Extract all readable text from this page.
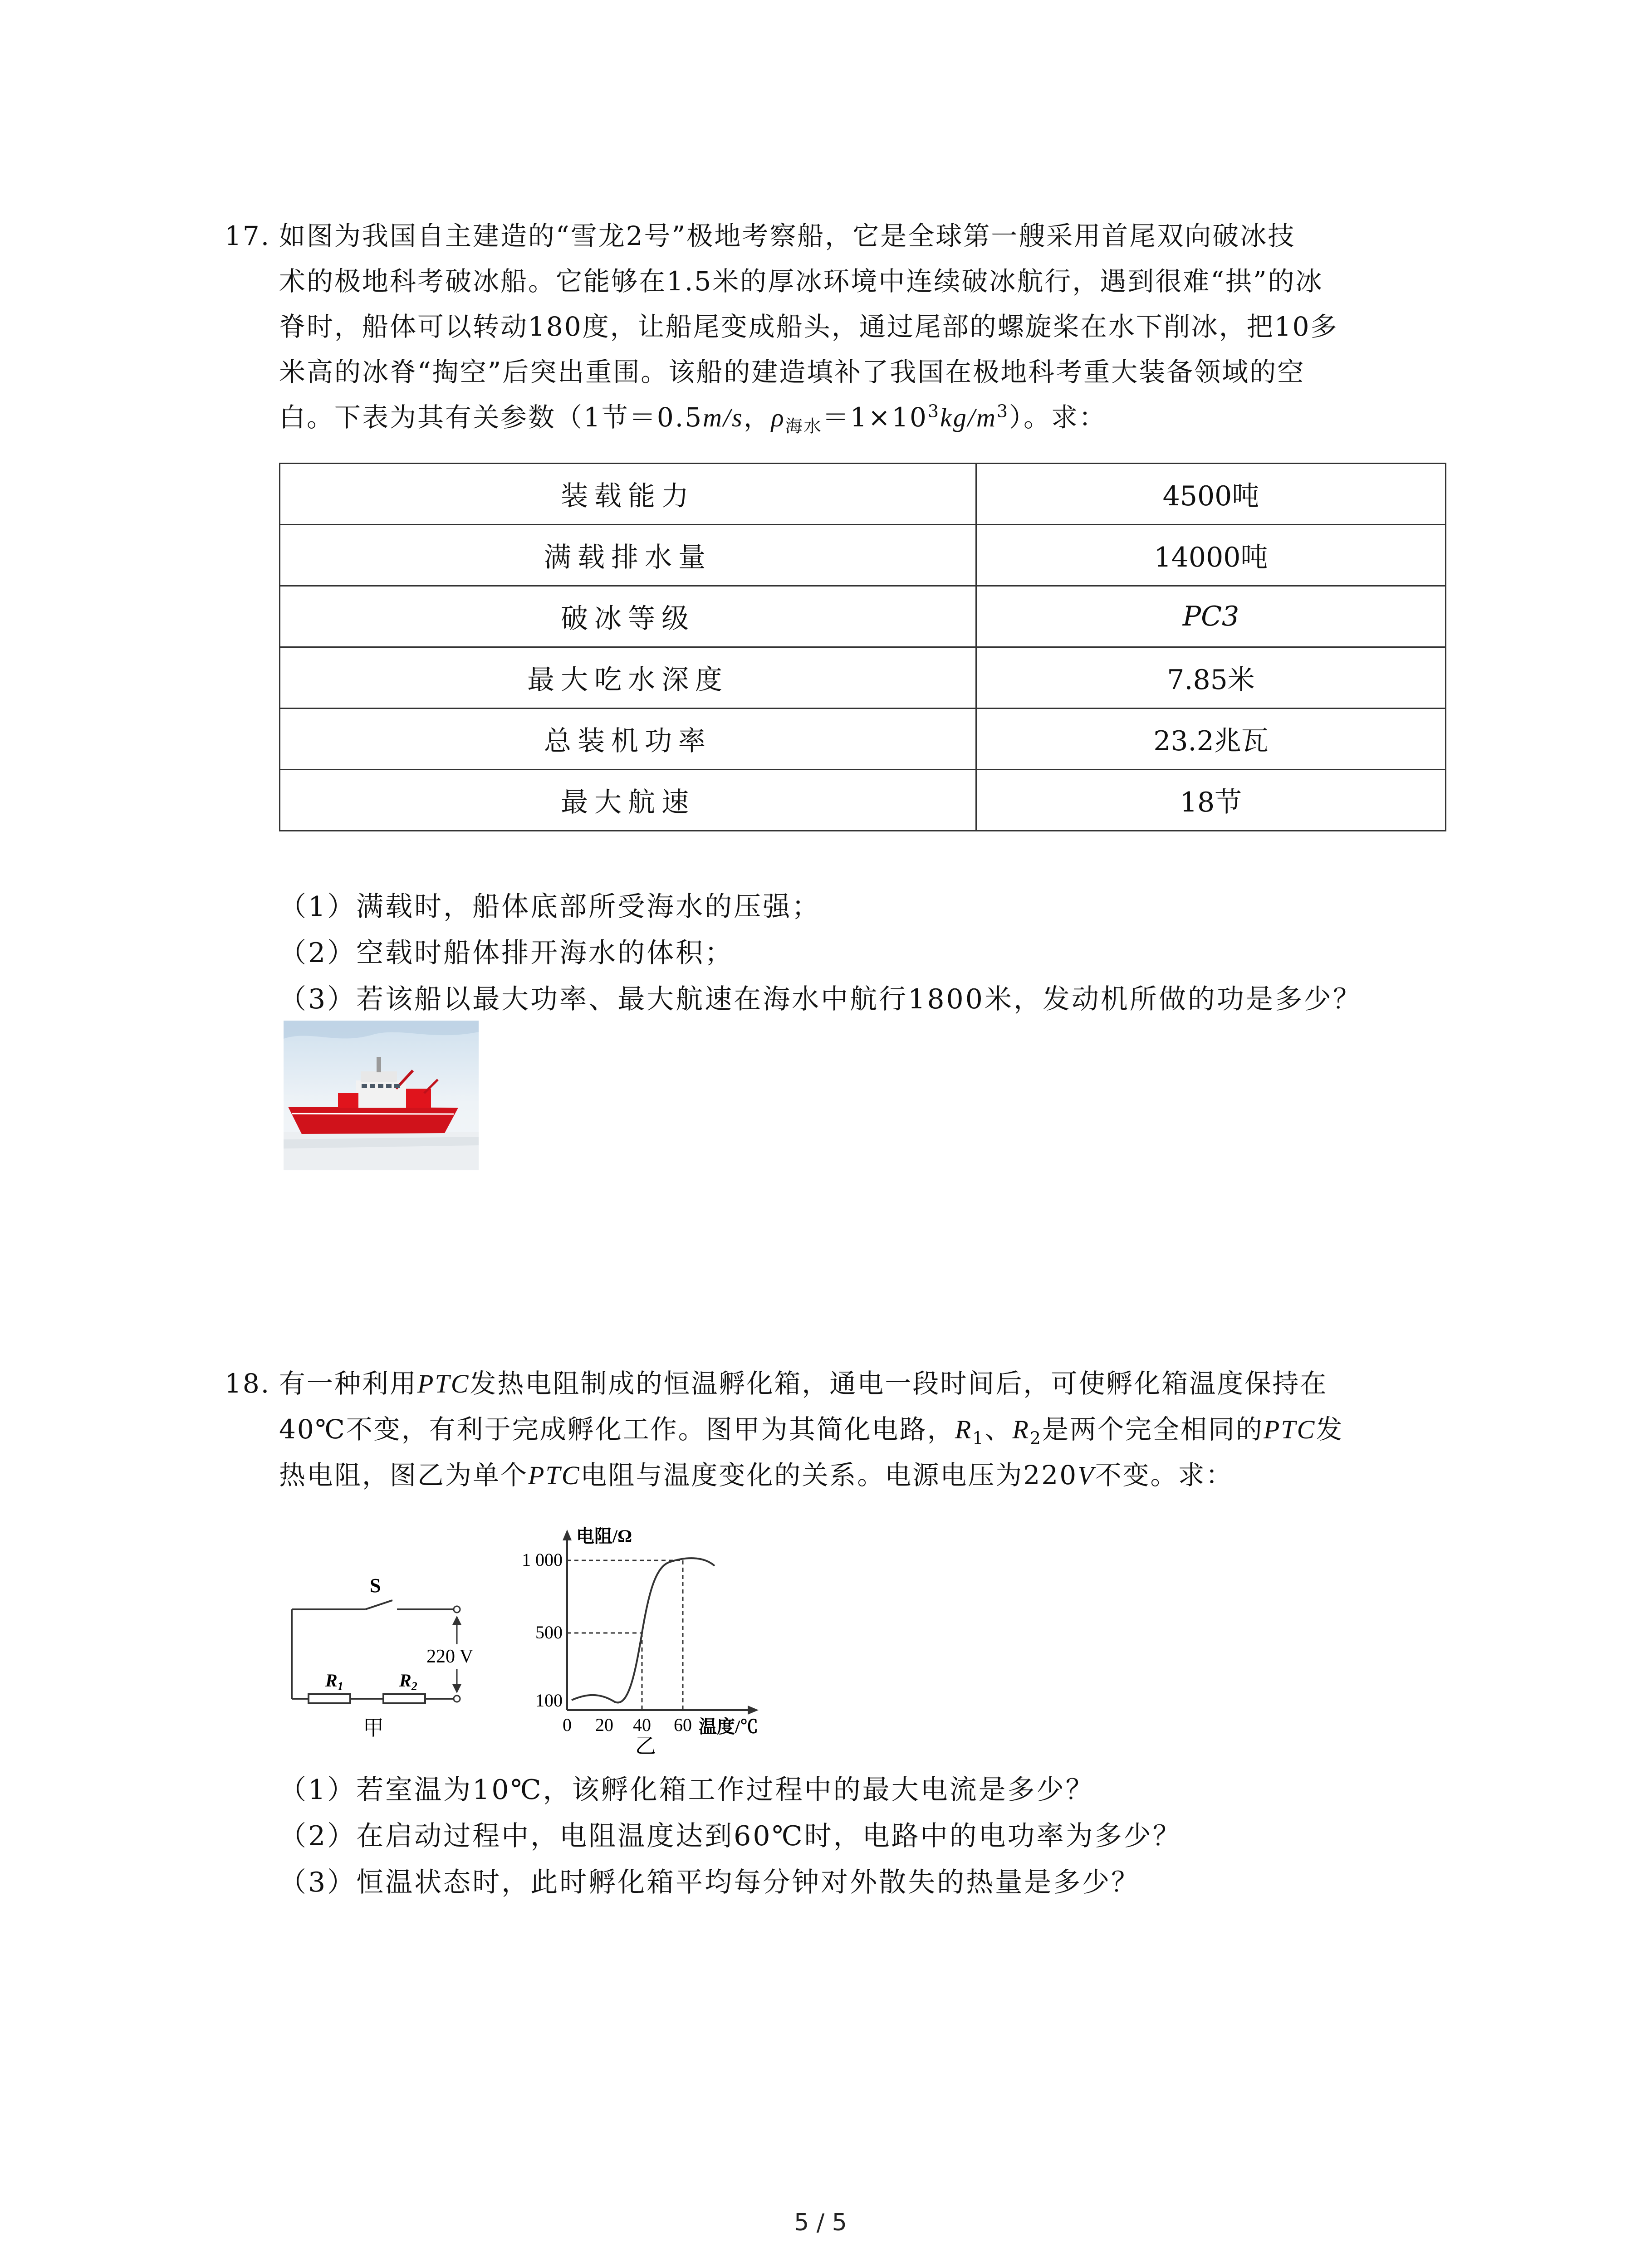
17. 如图为我国自主建造的“雪龙2号”极地考察船，它是全球第一艘采用首尾双向破冰技
术的极地科考破冰船。它能够在1.5米的厚冰环境中连续破冰航行，遇到很难“拱”的冰
脊时，船体可以转动180度，让船尾变成船头，通过尾部的螺旋桨在水下削冰，把10多
米高的冰脊“掏空”后突出重围。该船的建造填补了我国在极地科考重大装备领域的空
白。下表为其有关参数（1节＝0.5m/s，$\rho_{海水}=1\times 10^3kg/m^3$）。求：
装载能力	4500吨
满载排水量	14000吨
破冰等级	PC3
最大吃水深度	7.85米
总装机功率	23.2兆瓦
最大航速	18节
（1）满载时，船体底部所受海水的压强；
（2）空载时船体排开海水的体积；
（3）若该船以最大功率、最大航速在海水中航行1800米，发动机所做的功是多少？
18. 有一种利用PTC发热电阻制成的恒温孵化箱，通电一段时间后，可使孵化箱温度保持在
40℃不变，有利于完成孵化工作。图甲为其简化电路，$R_1$、$R_2$是两个完全相同的PTC发
热电阻，图乙为单个PTC电阻与温度变化的关系。电源电压为220V不变。求：
S
220 V
$R_1$	$R_2$
甲
1 000
500
100
0 20 40 60
电阻/Ω
温度/℃
乙
（1）若室温为10℃，该孵化箱工作过程中的最大电流是多少？
（2）在启动过程中，电阻温度达到60℃时，电路中的电功率为多少？
（3）恒温状态时，此时孵化箱平均每分钟对外散失的热量是多少？
5 / 5
